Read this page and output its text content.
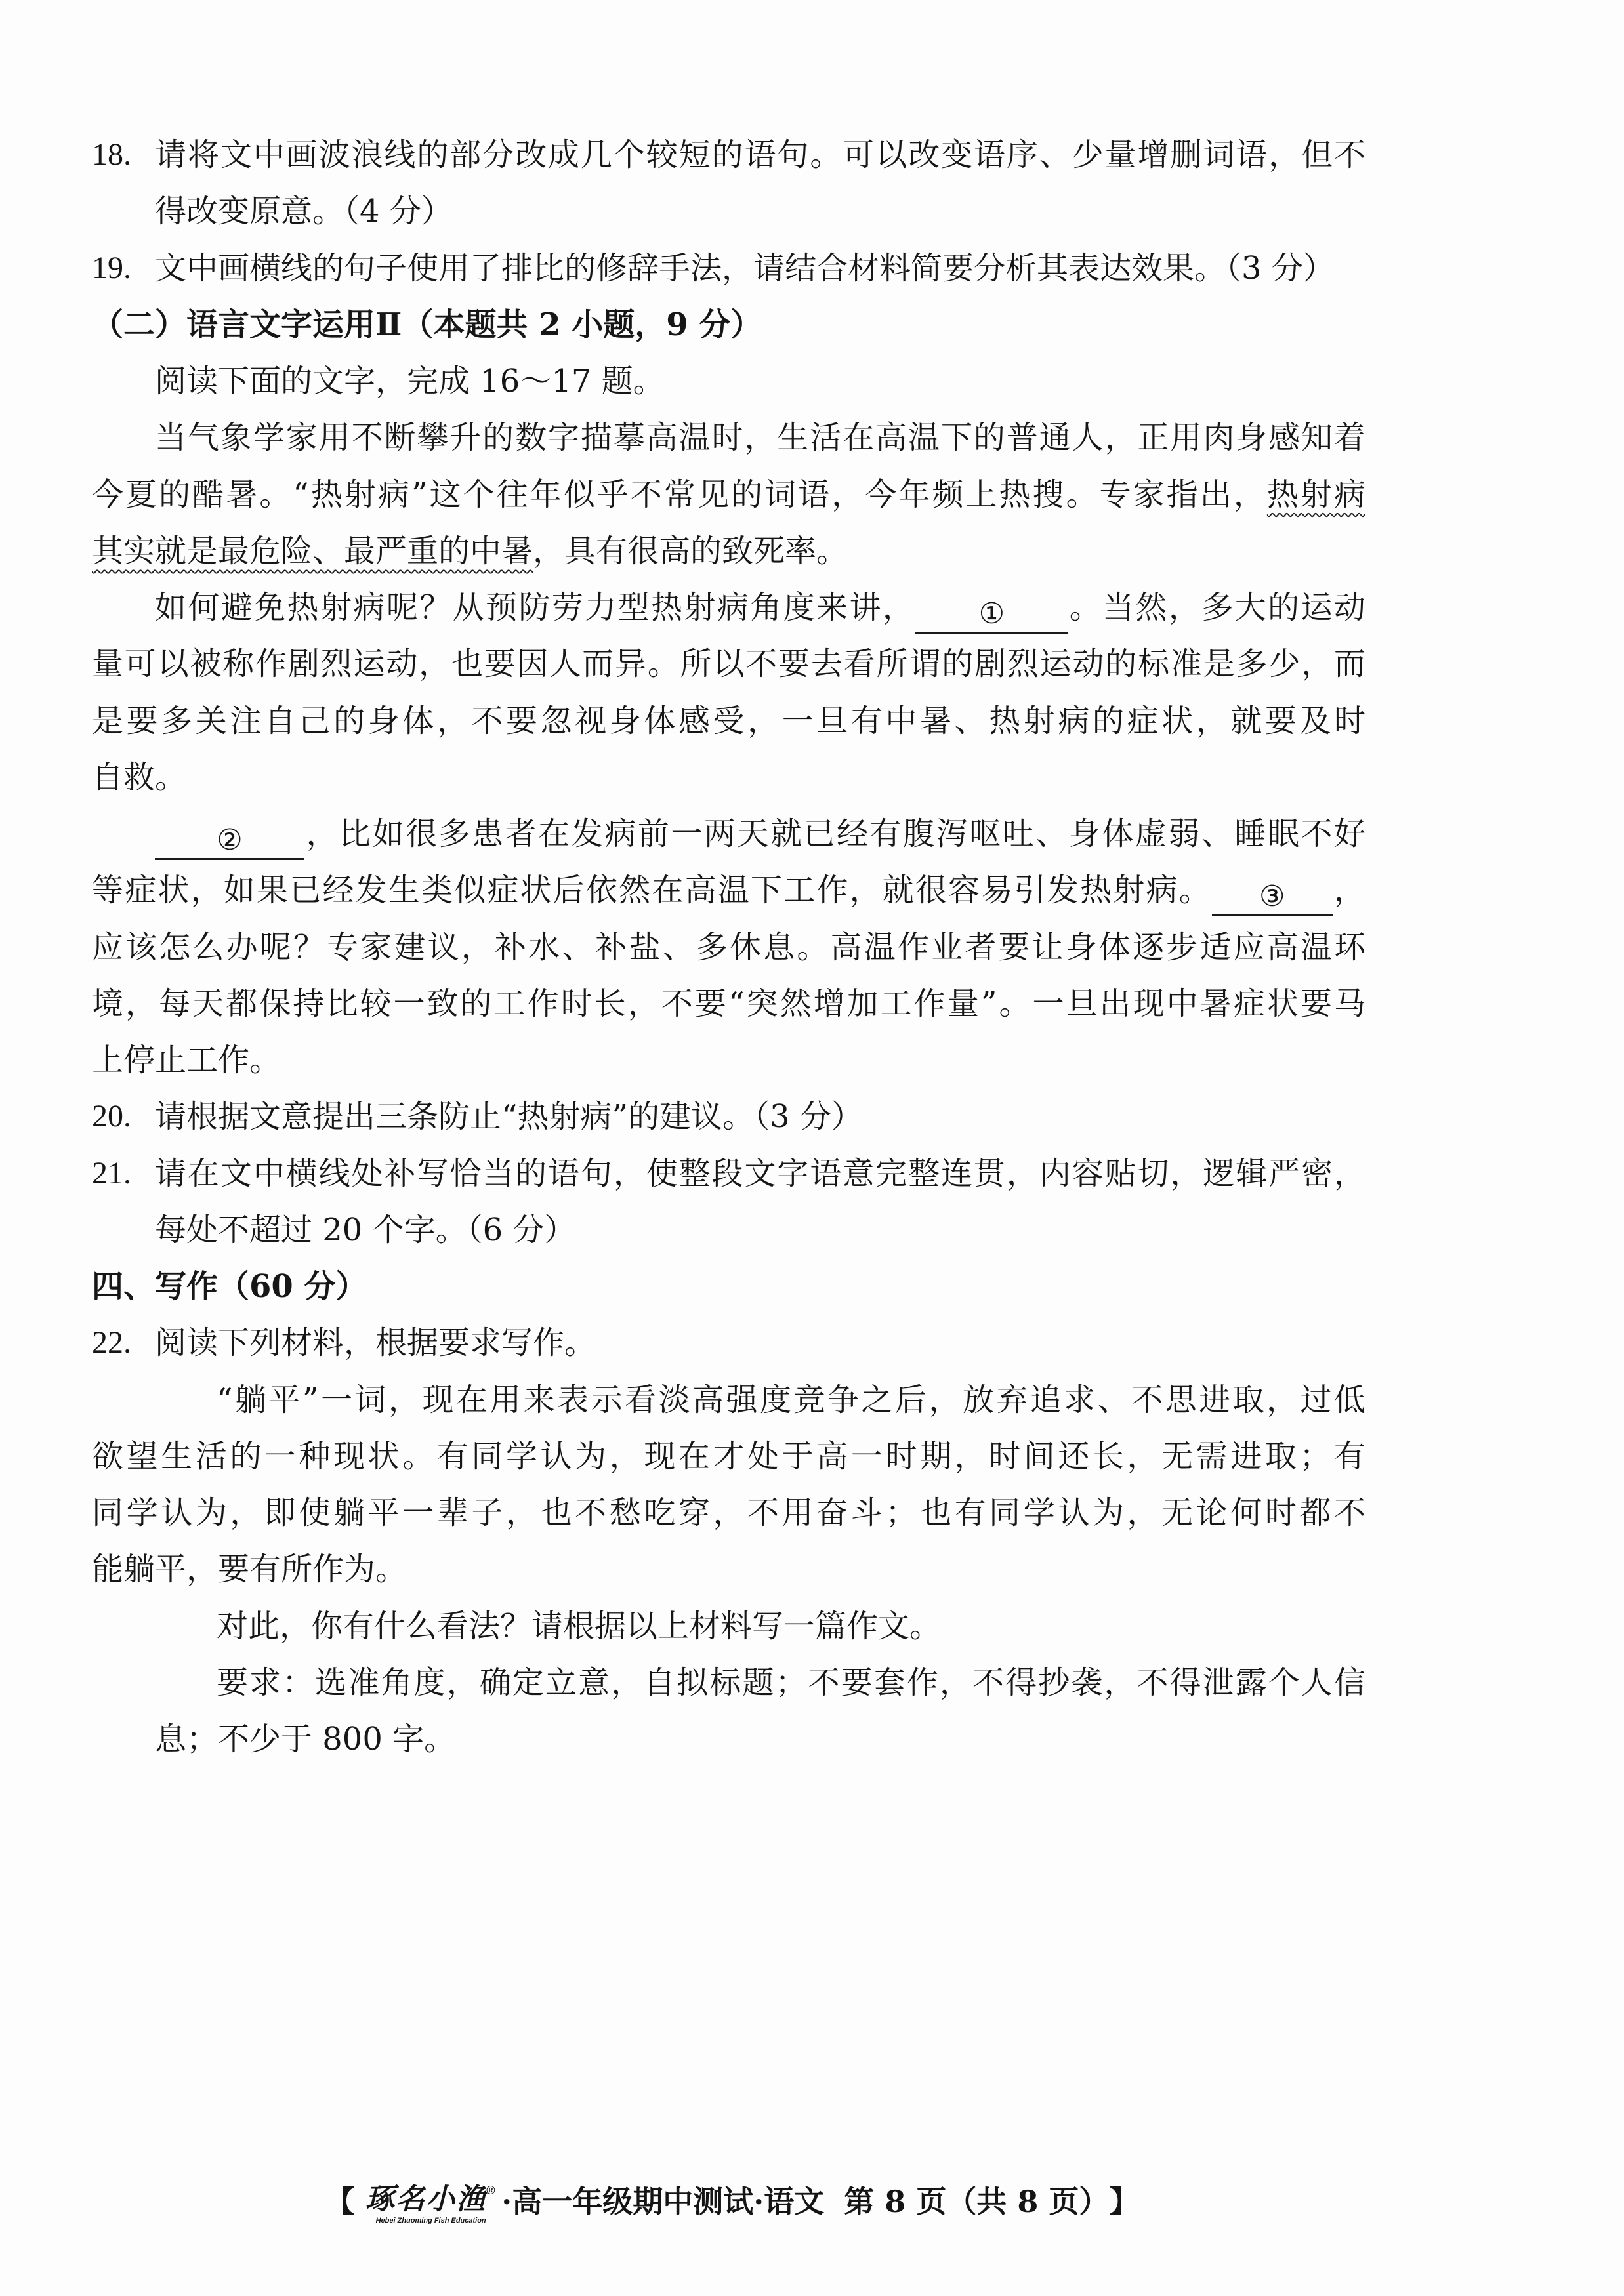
18. 请将文中画波浪线的部分改成几个较短的语句。可以改变语序、少量增删词语，但不
得改变原意。（4 分）
19. 文中画横线的句子使用了排比的修辞手法，请结合材料简要分析其表达效果。（3 分）
（二）语言文字运用Ⅱ（本题共 2 小题，9 分）
阅读下面的文字，完成 16～17 题。
当气象学家用不断攀升的数字描摹高温时，生活在高温下的普通人，正用肉身感知着
今夏的酷暑。“热射病”这个往年似乎不常见的词语，今年频上热搜。专家指出，热射病
其实就是最危险、最严重的中暑，具有很高的致死率。
如何避免热射病呢？从预防劳力型热射病角度来讲， ① 。当然，多大的运动
量可以被称作剧烈运动，也要因人而异。所以不要去看所谓的剧烈运动的标准是多少，而
是要多关注自己的身体，不要忽视身体感受，一旦有中暑、热射病的症状，就要及时
自救。
② ，比如很多患者在发病前一两天就已经有腹泻呕吐、身体虚弱、睡眠不好
等症状，如果已经发生类似症状后依然在高温下工作，就很容易引发热射病。 ③ ，
应该怎么办呢？专家建议，补水、补盐、多休息。高温作业者要让身体逐步适应高温环
境，每天都保持比较一致的工作时长，不要“突然增加工作量”。一旦出现中暑症状要马
上停止工作。
20. 请根据文意提出三条防止“热射病”的建议。（3 分）
21. 请在文中横线处补写恰当的语句，使整段文字语意完整连贯，内容贴切，逻辑严密，
每处不超过 20 个字。（6 分）
四、写作（60 分）
22. 阅读下列材料，根据要求写作。
“躺平”一词，现在用来表示看淡高强度竞争之后，放弃追求、不思进取，过低
欲望生活的一种现状。有同学认为，现在才处于高一时期，时间还长，无需进取；有
同学认为，即使躺平一辈子，也不愁吃穿，不用奋斗；也有同学认为，无论何时都不
能躺平，要有所作为。
对此，你有什么看法？请根据以上材料写一篇作文。
要求：选准角度，确定立意，自拟标题；不要套作，不得抄袭，不得泄露个人信
息；不少于 800 字。
【 琢名小渔®
Hebei Zhuoming Fish Education
·高一年级期中测试·语文 第 8 页（共 8 页） 】
